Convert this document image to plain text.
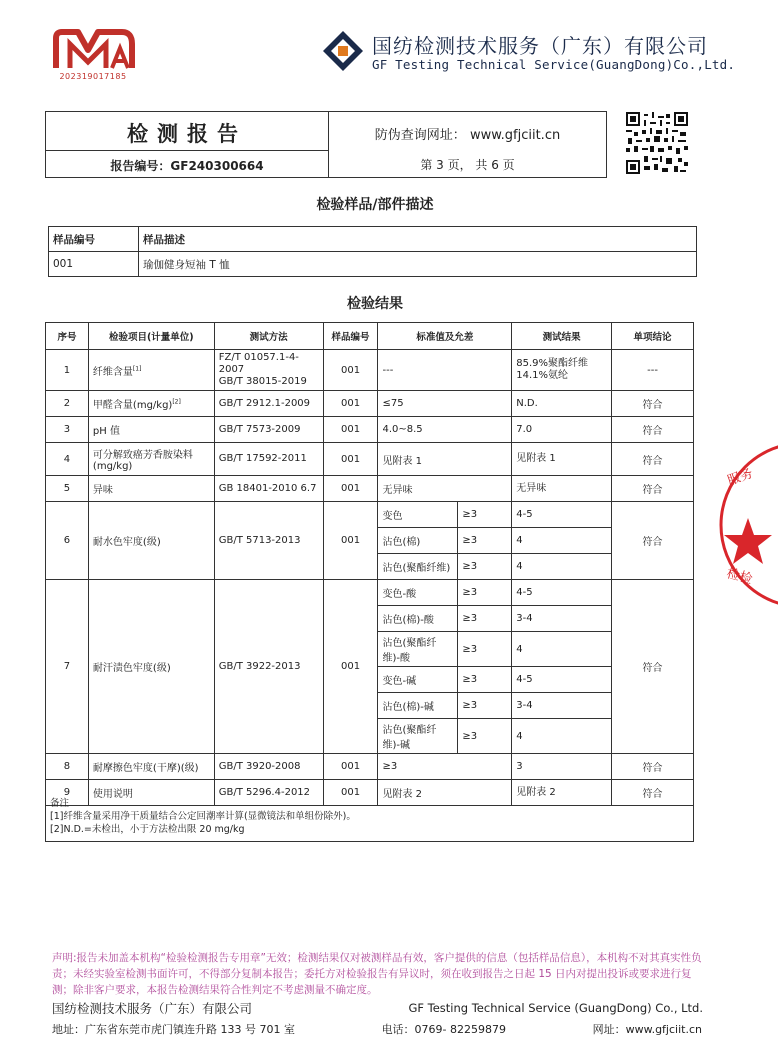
202319017185
国纺检测技术服务（广东）有限公司
GF Testing Technical Service(GuangDong)Co.,Ltd.
检测报告
报告编号：GF240300664
防伪查询网址： www.gfjciit.cn
第 3 页， 共 6 页
检验样品/部件描述
样品编号	样品描述
001	瑜伽健身短袖 T 恤
检验结果
序号	检验项目(计量单位)	测试方法	样品编号	标准值及允差		测试结果	单项结论
1	纤维含量[1]	FZ/T 01057.1-4-2007
GB/T 38015-2019	001	---		85.9%聚酯纤维
14.1%氨纶	---
2	甲醛含量(mg/kg)[2]	GB/T 2912.1-2009	001	≤75		N.D.	符合
3	pH 值	GB/T 7573-2009	001	4.0~8.5		7.0	符合
4	可分解致癌芳香胺染料(mg/kg)	GB/T 17592-2011	001	见附表 1		见附表 1	符合
5	异味	GB 18401-2010 6.7	001	无异味		无异味	符合
6	耐水色牢度(级)	GB/T 5713-2013	001	变色	≥3	4-5	符合
				沾色(棉)	≥3	4	
				沾色(聚酯纤维)	≥3	4	
7	耐汗渍色牢度(级)	GB/T 3922-2013	001	变色-酸	≥3	4-5	符合
				沾色(棉)-酸	≥3	3-4	
				沾色(聚酯纤维)-酸	≥3	4	
				变色-碱	≥3	4-5	
				沾色(棉)-碱	≥3	3-4	
				沾色(聚酯纤维)-碱	≥3	4	
8	耐摩擦色牢度(干摩)(级)	GB/T 3920-2008	001	≥3		3	符合
9	使用说明	GB/T 5296.4-2012	001	见附表 2		见附表 2	符合
备注
[1]纤维含量采用净干质量结合公定回潮率计算(显微镜法和单组份除外)。
[2]N.D.=未检出，小于方法检出限 20 mg/kg
服务
检检
声明:报告未加盖本机构“检验检测报告专用章”无效；检测结果仅对被测样品有效，客户提供的信息（包括样品信息），本机构不对其真实性负责；未经实验室检测书面许可，不得部分复制本报告；委托方对检验报告有异议时，须在收到报告之日起 15 日内对提出投诉或要求进行复测；除非客户要求，本报告检测结果符合性判定不考虑测量不确定度。
国纺检测技术服务（广东）有限公司	GF Testing Technical Service (GuangDong) Co., Ltd.
地址：广东省东莞市虎门镇连升路 133 号 701 室	电话：0769- 82259879	网址：www.gfjciit.cn
